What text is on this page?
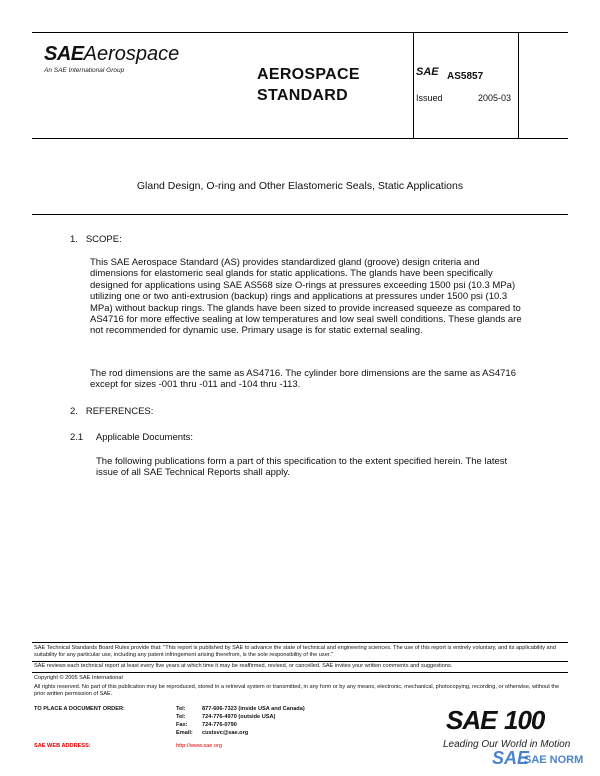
SAEAerospace
An SAE International Group	AEROSPACE
STANDARD
SAE AS5857
Issued	2005-03
Gland Design, O-ring and Other Elastomeric Seals, Static Applications
1.   SCOPE:
This SAE Aerospace Standard (AS) provides standardized gland (groove) design criteria and dimensions for elastomeric seal glands for static applications. The glands have been specifically designed for applications using SAE AS568 size O-rings at pressures exceeding 1500 psi (10.3 MPa) utilizing one or two anti-extrusion (backup) rings and applications at pressures under 1500 psi (10.3 MPa) without backup rings. The glands have been sized to provide increased squeeze as compared to AS4716 for more effective sealing at low temperatures and low seal swell conditions. These glands are not recommended for dynamic use. Primary usage is for static external sealing.
The rod dimensions are the same as AS4716. The cylinder bore dimensions are the same as AS4716 except for sizes -001 thru -011 and -104 thru -113.
2.   REFERENCES:
2.1     Applicable Documents:
The following publications form a part of this specification to the extent specified herein. The latest issue of all SAE Technical Reports shall apply.
SAE Technical Standards Board Rules provide that: "This report is published by SAE to advance the state of technical and engineering sciences. The use of this report is entirely voluntary, and its applicability and suitability for any particular use, including any patent infringement arising therefrom, is the sole responsibility of the user."
SAE reviews each technical report at least every five years at which time it may be reaffirmed, revised, or cancelled. SAE invites your written comments and suggestions.
Copyright © 2005 SAE International
All rights reserved. No part of this publication may be reproduced, stored in a retrieval system or transmitted, in any form or by any means, electronic, mechanical, photocopying, recording, or otherwise, without the prior written permission of SAE.
TO PLACE A DOCUMENT ORDER:	Tel:	877-606-7323 (inside USA and Canada)
Tel:	724-776-4970 (outside USA)
Fax:	724-776-0790
Email: custsvc@sae.org
SAE WEB ADDRESS:	http://www.sae.org
SAE 100
Leading Our World in Motion
SAE
SAE NORM
